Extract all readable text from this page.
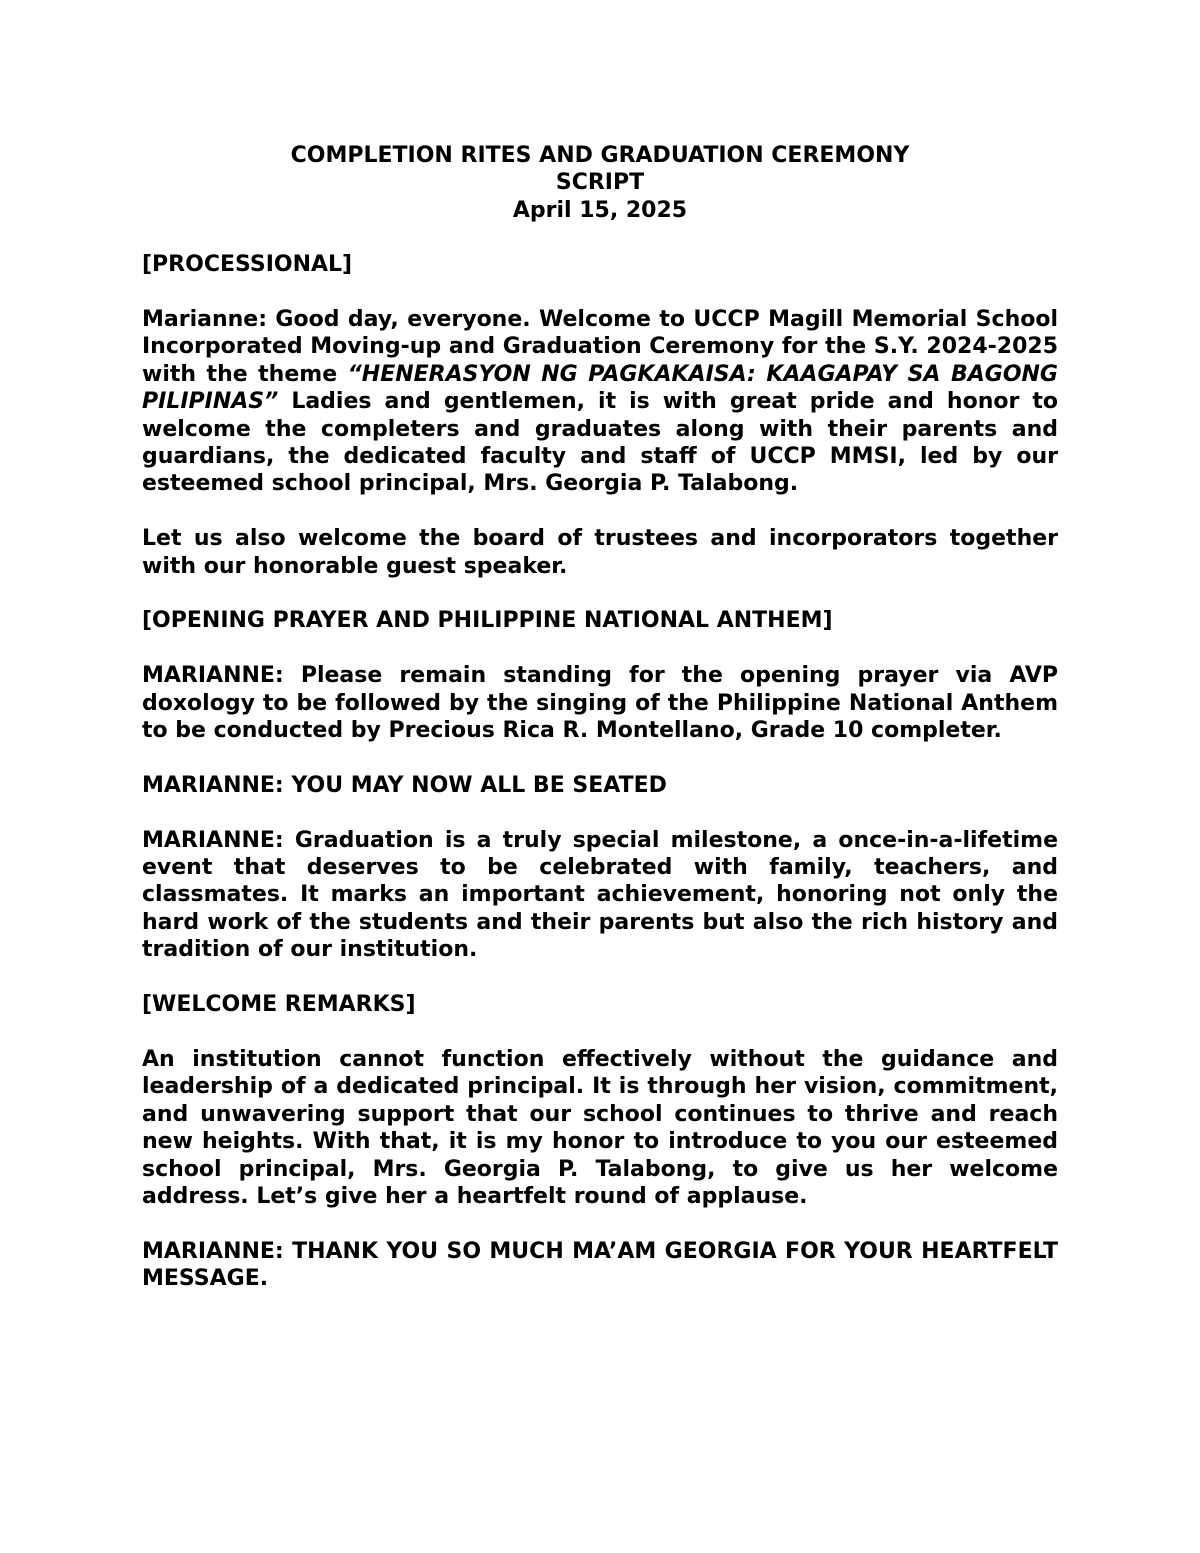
COMPLETION RITES AND GRADUATION CEREMONY
SCRIPT
April 15, 2025

[PROCESSIONAL]

Marianne: Good day, everyone. Welcome to UCCP Magill Memorial School Incorporated Moving-up and Graduation Ceremony for the S.Y. 2024-2025 with the theme “HENERASYON NG PAGKAKAISA: KAAGAPAY SA BAGONG PILIPINAS” Ladies and gentlemen, it is with great pride and honor to welcome the completers and graduates along with their parents and guardians, the dedicated faculty and staff of UCCP MMSI, led by our esteemed school principal, Mrs. Georgia P. Talabong.

Let us also welcome the board of trustees and incorporators together with our honorable guest speaker.

[OPENING PRAYER AND PHILIPPINE NATIONAL ANTHEM]

MARIANNE: Please remain standing for the opening prayer via AVP doxology to be followed by the singing of the Philippine National Anthem to be conducted by Precious Rica R. Montellano, Grade 10 completer.

MARIANNE: YOU MAY NOW ALL BE SEATED

MARIANNE: Graduation is a truly special milestone, a once-in-a-lifetime event that deserves to be celebrated with family, teachers, and classmates. It marks an important achievement, honoring not only the hard work of the students and their parents but also the rich history and tradition of our institution.

[WELCOME REMARKS]

An institution cannot function effectively without the guidance and leadership of a dedicated principal. It is through her vision, commitment, and unwavering support that our school continues to thrive and reach new heights. With that, it is my honor to introduce to you our esteemed school principal, Mrs. Georgia P. Talabong, to give us her welcome address. Let’s give her a heartfelt round of applause.

MARIANNE: THANK YOU SO MUCH MA’AM GEORGIA FOR YOUR HEARTFELT MESSAGE.
